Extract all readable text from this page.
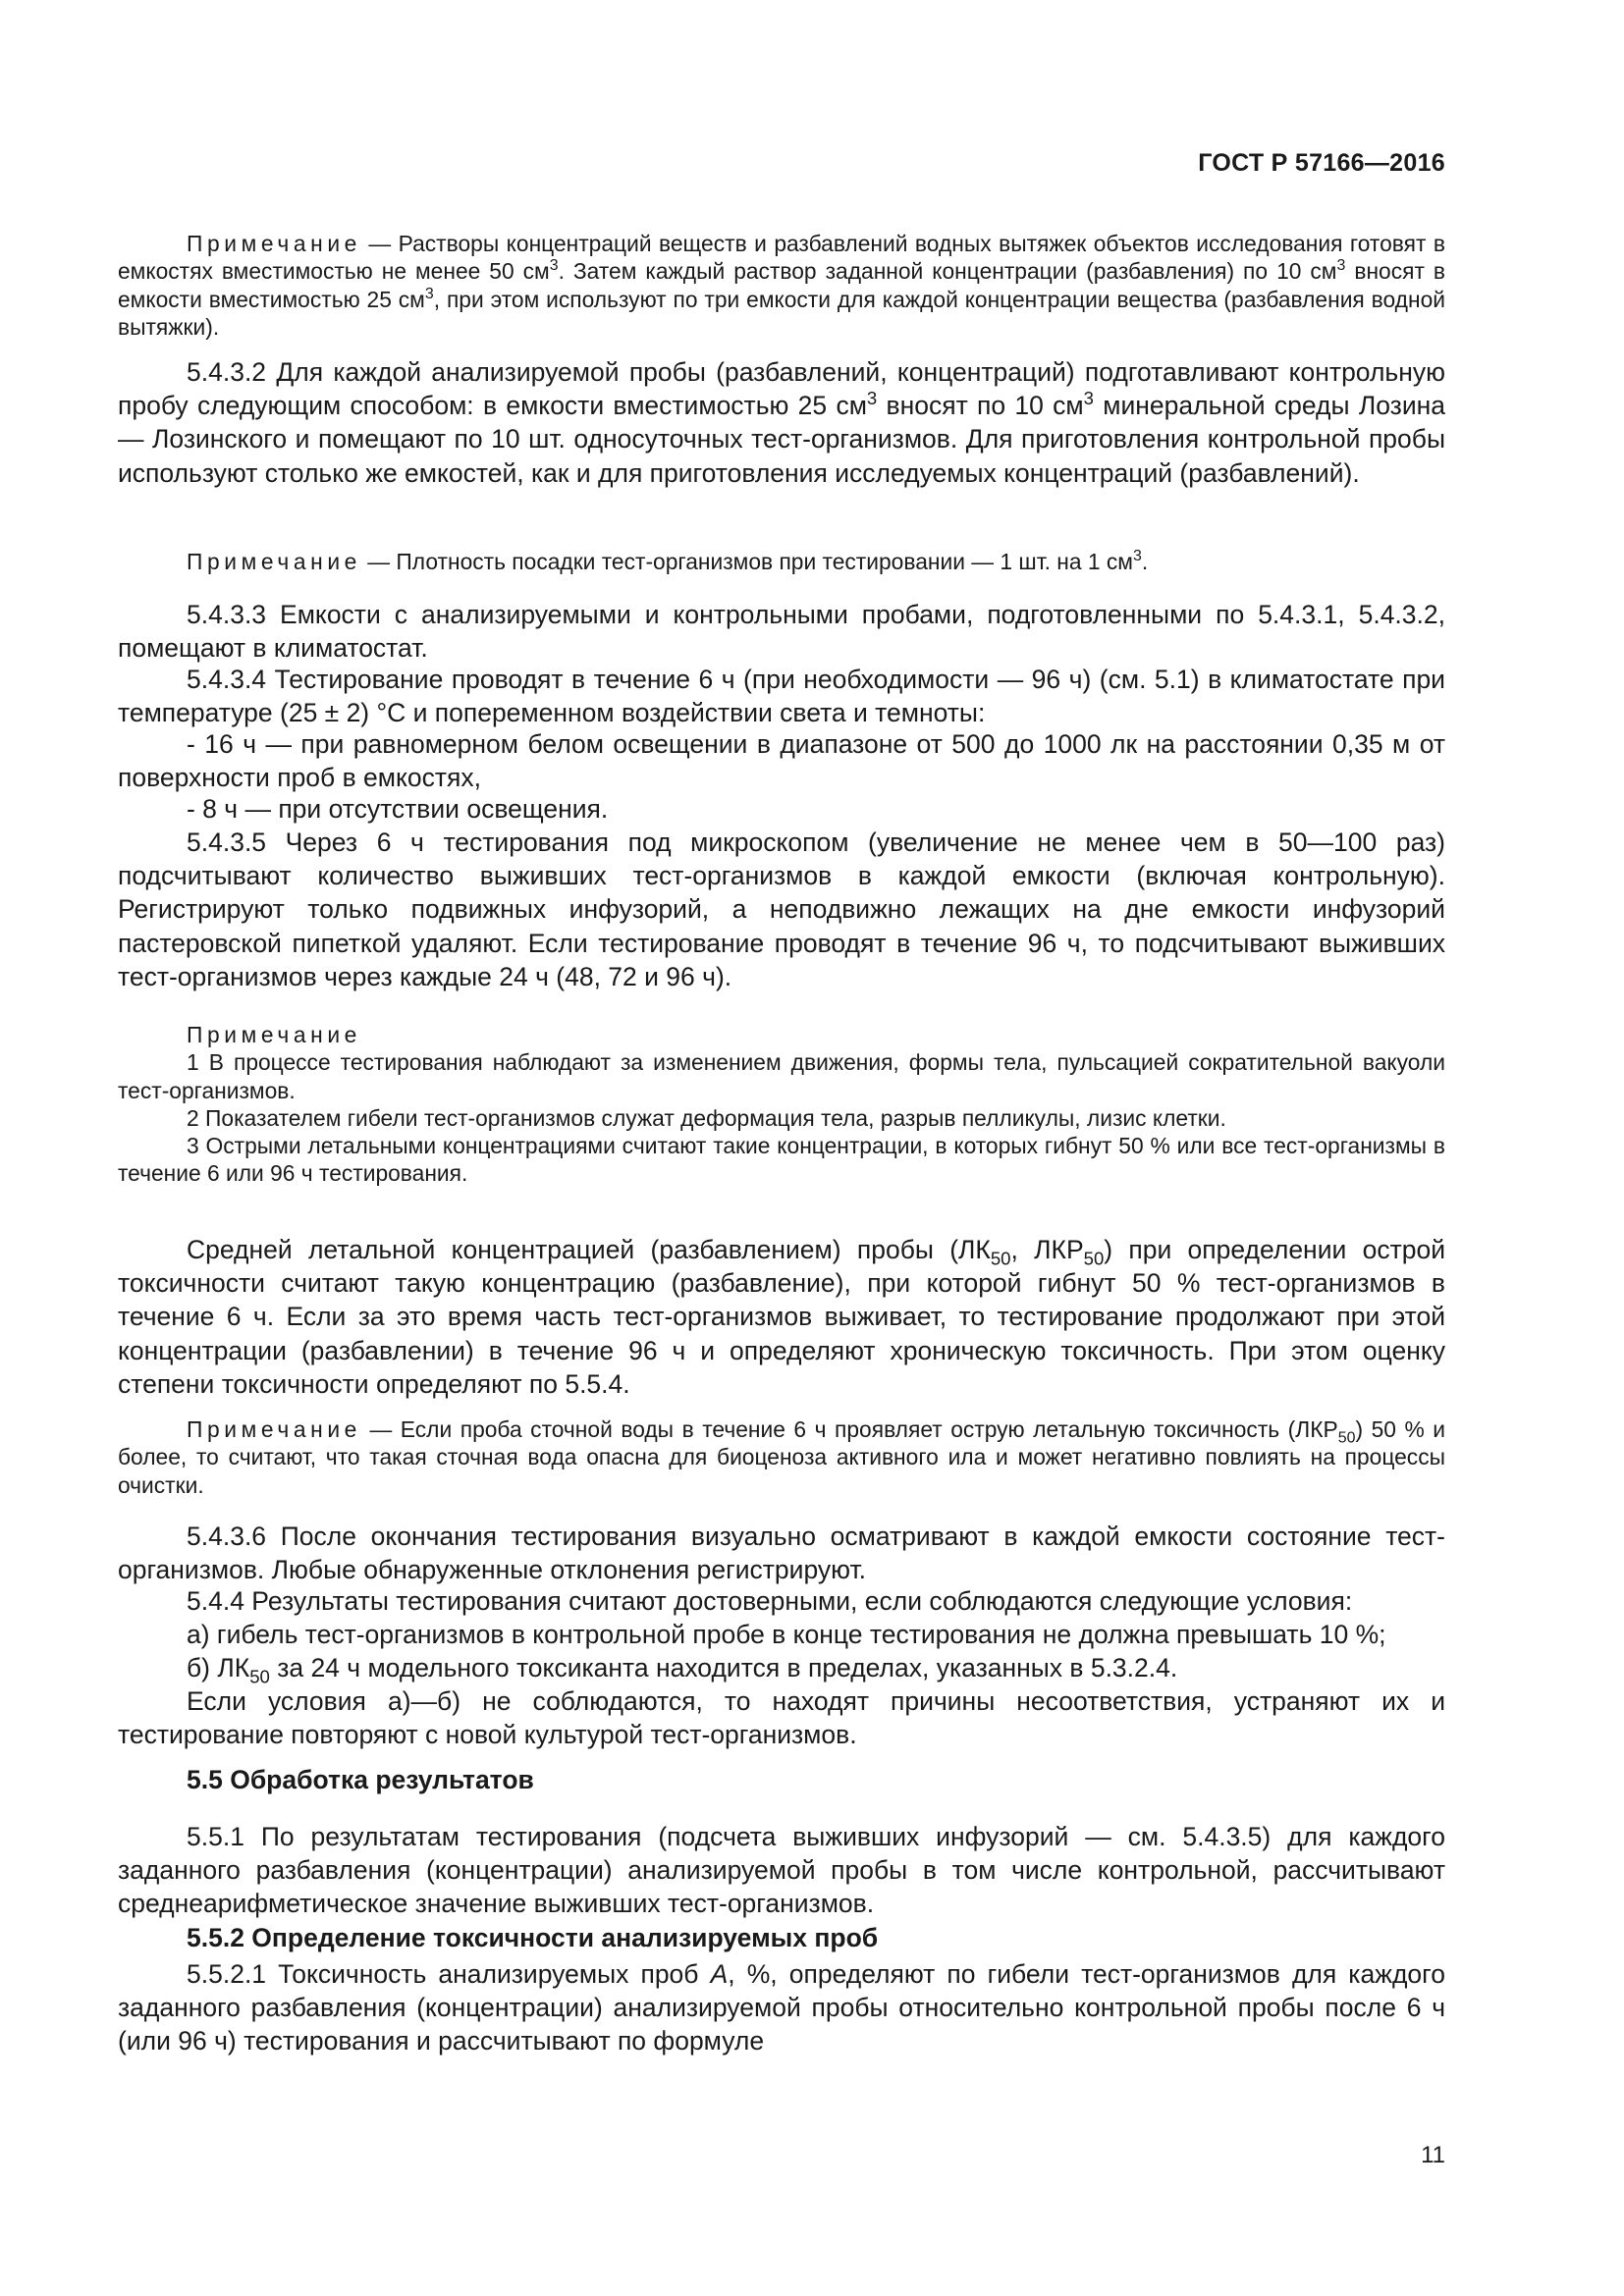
ГОСТ Р 57166—2016
Примечание — Растворы концентраций веществ и разбавлений водных вытяжек объектов исследования готовят в емкостях вместимостью не менее 50 $см^3$. Затем каждый раствор заданной концентрации (разбавления) по 10 $см^3$ вносят в емкости вместимостью 25 $см^3$, при этом используют по три емкости для каждой концентрации вещества (разбавления водной вытяжки).
5.4.3.2 Для каждой анализируемой пробы (разбавлений, концентраций) подготавливают контрольную пробу следующим способом: в емкости вместимостью 25 $см^3$ вносят по 10 $см^3$ минеральной среды Лозина — Лозинского и помещают по 10 шт. односуточных тест-организмов. Для приготовления контрольной пробы используют столько же емкостей, как и для приготовления исследуемых концентраций (разбавлений).
Примечание — Плотность посадки тест-организмов при тестировании — 1 шт. на 1 $см^3$.
5.4.3.3 Емкости с анализируемыми и контрольными пробами, подготовленными по 5.4.3.1, 5.4.3.2, помещают в климатостат.
5.4.3.4 Тестирование проводят в течение 6 ч (при необходимости — 96 ч) (см. 5.1) в климатостате при температуре (25 ± 2) °С и попеременном воздействии света и темноты:
- 16 ч — при равномерном белом освещении в диапазоне от 500 до 1000 лк на расстоянии 0,35 м от поверхности проб в емкостях,
- 8 ч — при отсутствии освещения.
5.4.3.5 Через 6 ч тестирования под микроскопом (увеличение не менее чем в 50—100 раз) подсчитывают количество выживших тест-организмов в каждой емкости (включая контрольную). Регистрируют только подвижных инфузорий, а неподвижно лежащих на дне емкости инфузорий пастеровской пипеткой удаляют. Если тестирование проводят в течение 96 ч, то подсчитывают выживших тест-организмов через каждые 24 ч (48, 72 и 96 ч).
Примечание
1 В процессе тестирования наблюдают за изменением движения, формы тела, пульсацией сократительной вакуоли тест-организмов.
2 Показателем гибели тест-организмов служат деформация тела, разрыв пелликулы, лизис клетки.
3 Острыми летальными концентрациями считают такие концентрации, в которых гибнут 50 % или все тест-организмы в течение 6 или 96 ч тестирования.
Средней летальной концентрацией (разбавлением) пробы ($ЛК_{50}$, $ЛКР_{50}$) при определении острой токсичности считают такую концентрацию (разбавление), при которой гибнут 50 % тест-организмов в течение 6 ч. Если за это время часть тест-организмов выживает, то тестирование продолжают при этой концентрации (разбавлении) в течение 96 ч и определяют хроническую токсичность. При этом оценку степени токсичности определяют по 5.5.4.
Примечание — Если проба сточной воды в течение 6 ч проявляет острую летальную токсичность $(ЛКР_{50})$ 50 % и более, то считают, что такая сточная вода опасна для биоценоза активного ила и может негативно повлиять на процессы очистки.
5.4.3.6 После окончания тестирования визуально осматривают в каждой емкости состояние тест-организмов. Любые обнаруженные отклонения регистрируют.
5.4.4 Результаты тестирования считают достоверными, если соблюдаются следующие условия:
а) гибель тест-организмов в контрольной пробе в конце тестирования не должна превышать 10 %;
б) $ЛК_{50}$ за 24 ч модельного токсиканта находится в пределах, указанных в 5.3.2.4.
Если условия а)—б) не соблюдаются, то находят причины несоответствия, устраняют их и тестирование повторяют с новой культурой тест-организмов.
5.5 Обработка результатов
5.5.1 По результатам тестирования (подсчета выживших инфузорий — см. 5.4.3.5) для каждого заданного разбавления (концентрации) анализируемой пробы в том числе контрольной, рассчитывают среднеарифметическое значение выживших тест-организмов.
5.5.2 Определение токсичности анализируемых проб
5.5.2.1 Токсичность анализируемых проб А, %, определяют по гибели тест-организмов для каждого заданного разбавления (концентрации) анализируемой пробы относительно контрольной пробы после 6 ч (или 96 ч) тестирования и рассчитывают по формуле
11
